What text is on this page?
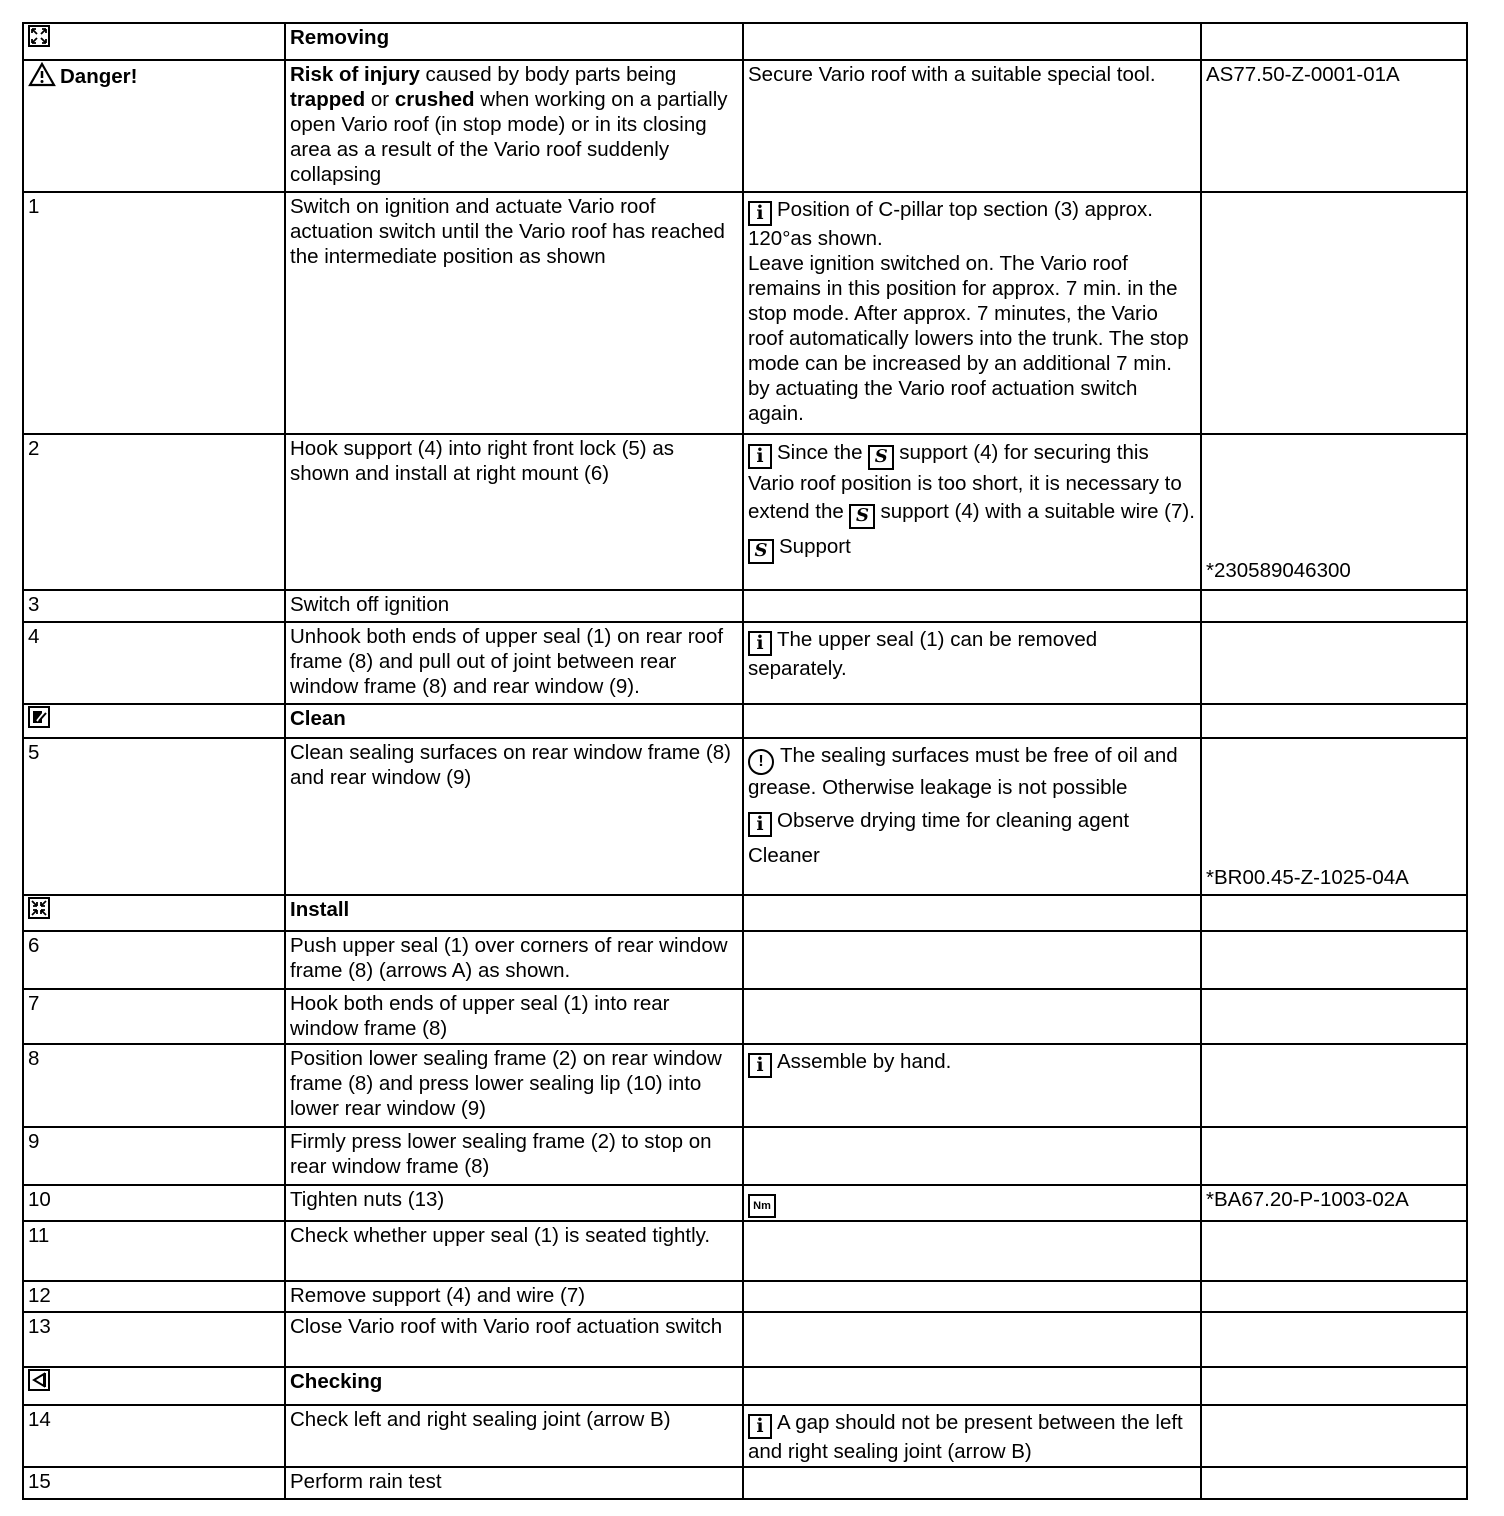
	Removing		
Danger!	Risk of injury caused by body parts being trapped or crushed when working on a partially open Vario roof (in stop mode) or in its closing area as a result of the Vario roof suddenly collapsing	Secure Vario roof with a suitable special tool.	AS77.50-Z-0001-01A
1	Switch on ignition and actuate Vario roof actuation switch until the Vario roof has reached the intermediate position as shown	i Position of C-pillar top section (3) approx. 120°as shown.
Leave ignition switched on. The Vario roof remains in this position for approx. 7 min. in the stop mode. After approx. 7 minutes, the Vario roof automatically lowers into the trunk. The stop mode can be increased by an additional 7 min. by actuating the Vario roof actuation switch again.	

2	Hook support (4) into right front lock (5) as shown and install at right mount (6)	i Since the S support (4) for securing this Vario roof position is too short, it is necessary to extend the S support (4) with a suitable wire (7).
S Support	*230589046300
3	Switch off ignition		
4	Unhook both ends of upper seal (1) on rear roof frame (8) and pull out of joint between rear window frame (8) and rear window (9).	i The upper seal (1) can be removed separately.	

	Clean		
5	Clean sealing surfaces on rear window frame (8) and rear window (9)	! The sealing surfaces must be free of oil and grease. Otherwise leakage is not possible
i Observe drying time for cleaning agent
Cleaner	*BR00.45-Z-1025-04A

	Install		
6	Push upper seal (1) over corners of rear window frame (8) (arrows A) as shown.		
7	Hook both ends of upper seal (1) into rear window frame (8)		
8	Position lower sealing frame (2) on rear window frame (8) and press lower sealing lip (10) into lower rear window (9)	i Assemble by hand.	
9	Firmly press lower sealing frame (2) to stop on rear window frame (8)		
10	Tighten nuts (13)	Nm	*BA67.20-P-1003-02A
11	Check whether upper seal (1) is seated tightly.		
12	Remove support (4) and wire (7)		
13	Close Vario roof with Vario roof actuation switch		

	Checking		
14	Check left and right sealing joint (arrow B)	i A gap should not be present between the left and right sealing joint (arrow B)	
15	Perform rain test		
